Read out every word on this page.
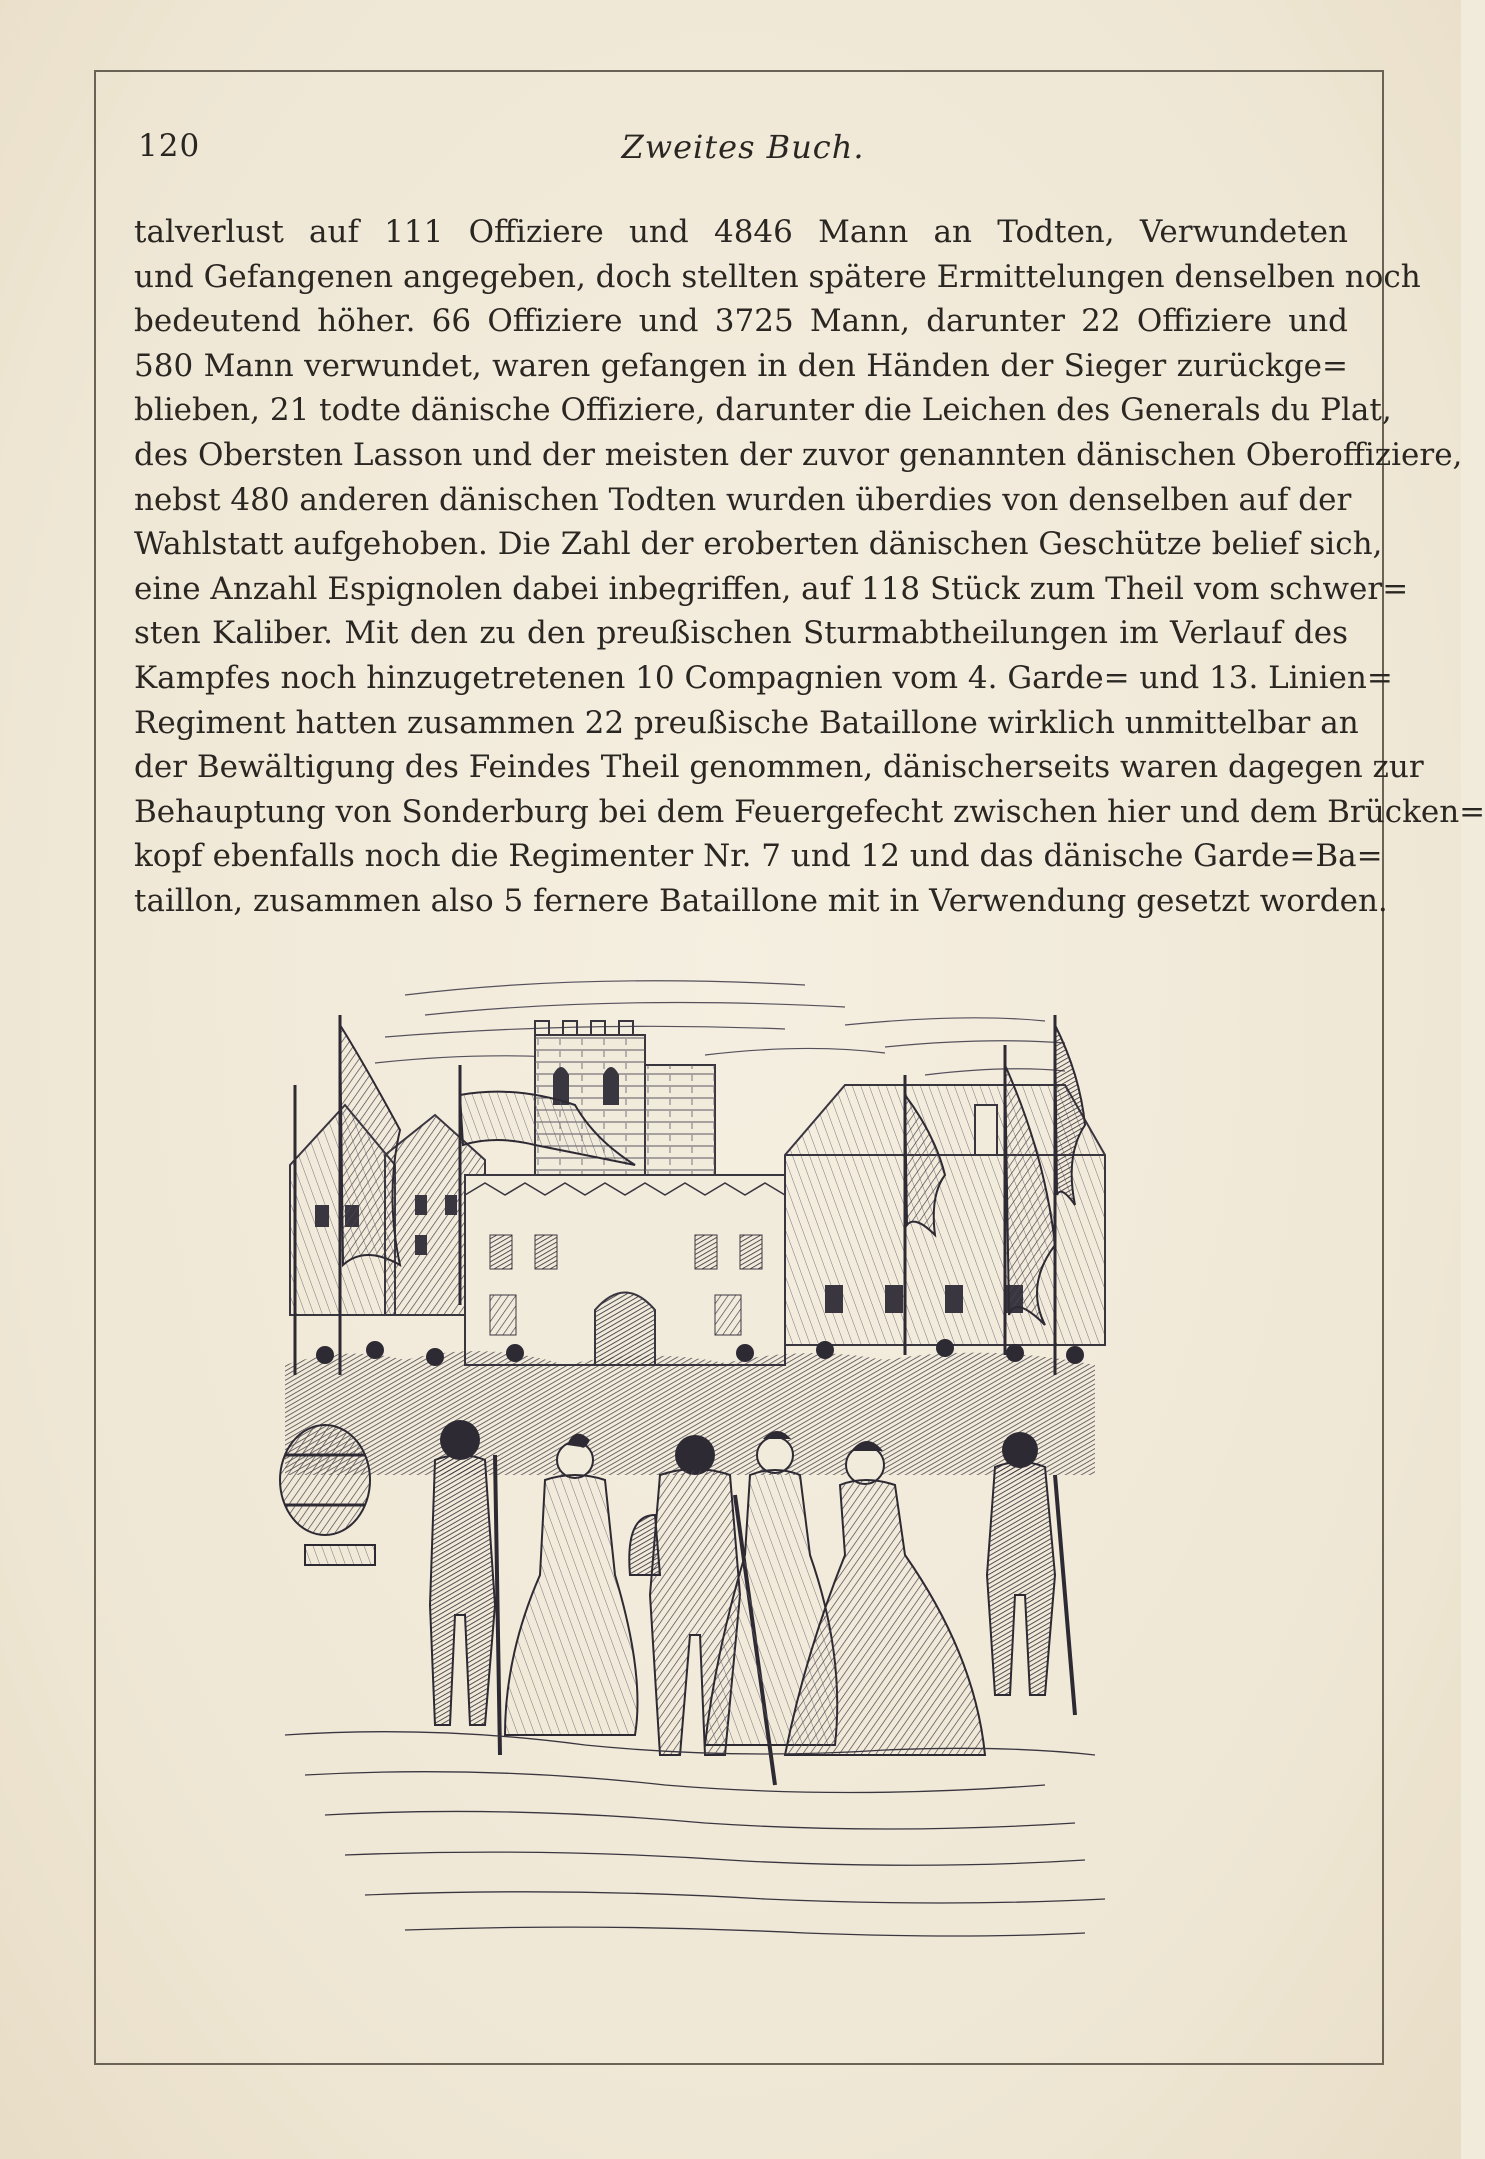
120	Zweites Buch.
talverlust auf 111 Offiziere und 4846 Mann an Todten, Verwundeten
und Gefangenen angegeben, doch stellten spätere Ermittelungen denselben noch
bedeutend höher. 66 Offiziere und 3725 Mann, darunter 22 Offiziere und
580 Mann verwundet, waren gefangen in den Händen der Sieger zurückge=
blieben, 21 todte dänische Offiziere, darunter die Leichen des Generals du Plat,
des Obersten Lasson und der meisten der zuvor genannten dänischen Oberoffiziere,
nebst 480 anderen dänischen Todten wurden überdies von denselben auf der
Wahlstatt aufgehoben. Die Zahl der eroberten dänischen Geschütze belief sich,
eine Anzahl Espignolen dabei inbegriffen, auf 118 Stück zum Theil vom schwer=
sten Kaliber. Mit den zu den preußischen Sturmabtheilungen im Verlauf des
Kampfes noch hinzugetretenen 10 Compagnien vom 4. Garde= und 13. Linien=
Regiment hatten zusammen 22 preußische Bataillone wirklich unmittelbar an
der Bewältigung des Feindes Theil genommen, dänischerseits waren dagegen zur
Behauptung von Sonderburg bei dem Feuergefecht zwischen hier und dem Brücken=
kopf ebenfalls noch die Regimenter Nr. 7 und 12 und das dänische Garde=Ba=
taillon, zusammen also 5 fernere Bataillone mit in Verwendung gesetzt worden.
